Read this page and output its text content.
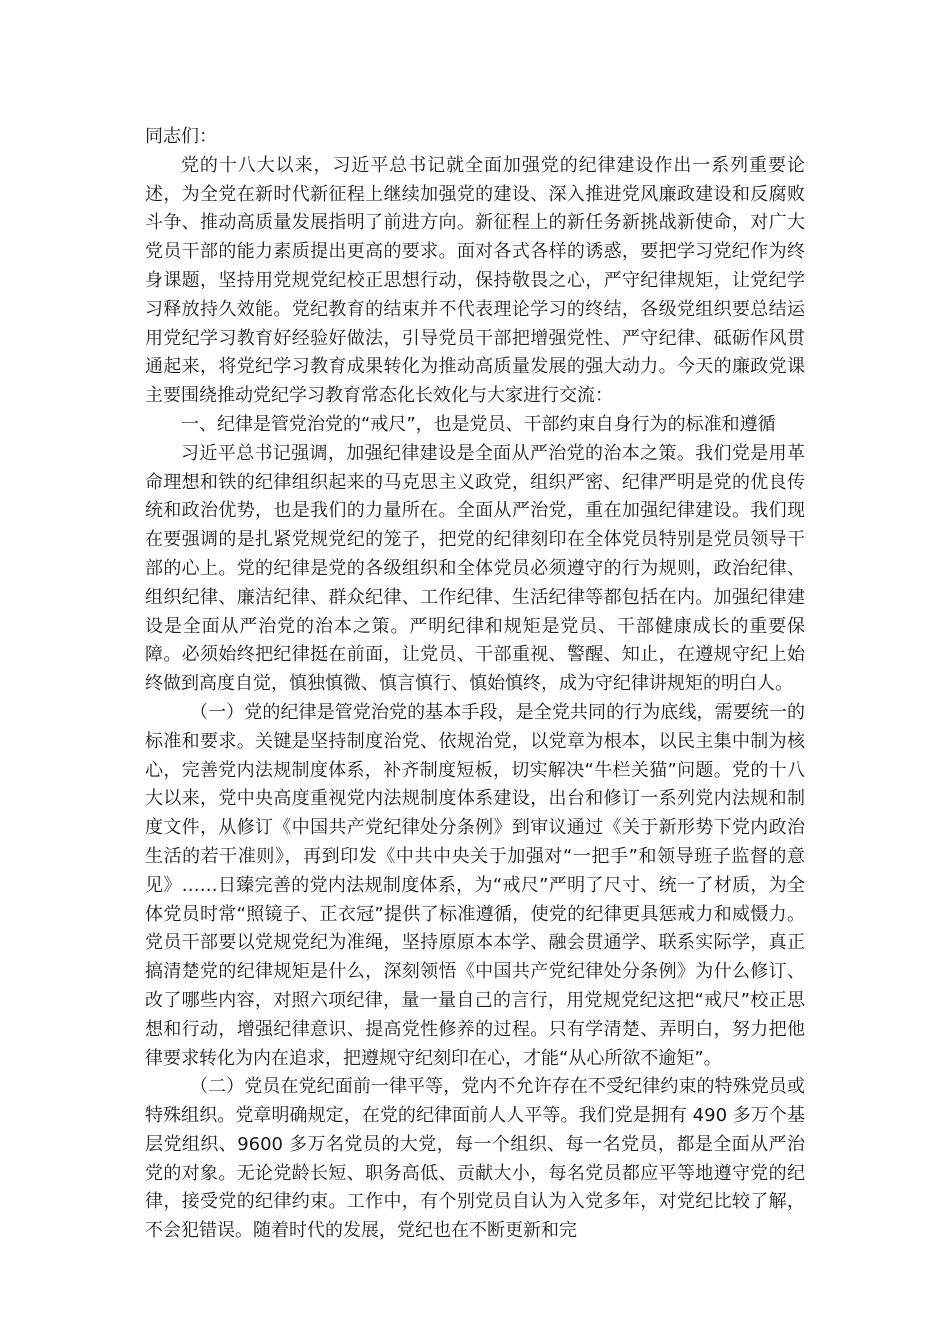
同志们：

党的十八大以来，习近平总书记就全面加强党的纪律建设作出一系列重要论述，为全党在新时代新征程上继续加强党的建设、深入推进党风廉政建设和反腐败斗争、推动高质量发展指明了前进方向。新征程上的新任务新挑战新使命，对广大党员干部的能力素质提出更高的要求。面对各式各样的诱惑，要把学习党纪作为终身课题，坚持用党规党纪校正思想行动，保持敬畏之心，严守纪律规矩，让党纪学习释放持久效能。党纪教育的结束并不代表理论学习的终结，各级党组织要总结运用党纪学习教育好经验好做法，引导党员干部把增强党性、严守纪律、砥砺作风贯通起来，将党纪学习教育成果转化为推动高质量发展的强大动力。今天的廉政党课主要围绕推动党纪学习教育常态化长效化与大家进行交流：

一、纪律是管党治党的“戒尺”，也是党员、干部约束自身行为的标准和遵循

习近平总书记强调，加强纪律建设是全面从严治党的治本之策。我们党是用革命理想和铁的纪律组织起来的马克思主义政党，组织严密、纪律严明是党的优良传统和政治优势，也是我们的力量所在。全面从严治党，重在加强纪律建设。我们现在要强调的是扎紧党规党纪的笼子，把党的纪律刻印在全体党员特别是党员领导干部的心上。党的纪律是党的各级组织和全体党员必须遵守的行为规则，政治纪律、组织纪律、廉洁纪律、群众纪律、工作纪律、生活纪律等都包括在内。加强纪律建设是全面从严治党的治本之策。严明纪律和规矩是党员、干部健康成长的重要保障。必须始终把纪律挺在前面，让党员、干部重视、警醒、知止，在遵规守纪上始终做到高度自觉，慎独慎微、慎言慎行、慎始慎终，成为守纪律讲规矩的明白人。

（一）党的纪律是管党治党的基本手段，是全党共同的行为底线，需要统一的标准和要求。关键是坚持制度治党、依规治党，以党章为根本，以民主集中制为核心，完善党内法规制度体系，补齐制度短板，切实解决“牛栏关猫”问题。党的十八大以来，党中央高度重视党内法规制度体系建设，出台和修订一系列党内法规和制度文件，从修订《中国共产党纪律处分条例》到审议通过《关于新形势下党内政治生活的若干准则》，再到印发《中共中央关于加强对“一把手”和领导班子监督的意见》……日臻完善的党内法规制度体系，为“戒尺”严明了尺寸、统一了材质，为全体党员时常“照镜子、正衣冠”提供了标准遵循，使党的纪律更具惩戒力和威慑力。党员干部要以党规党纪为准绳，坚持原原本本学、融会贯通学、联系实际学，真正搞清楚党的纪律规矩是什么，深刻领悟《中国共产党纪律处分条例》为什么修订、改了哪些内容，对照六项纪律，量一量自己的言行，用党规党纪这把“戒尺”校正思想和行动，增强纪律意识、提高党性修养的过程。只有学清楚、弄明白，努力把他律要求转化为内在追求，把遵规守纪刻印在心，才能“从心所欲不逾矩”。

（二）党员在党纪面前一律平等，党内不允许存在不受纪律约束的特殊党员或特殊组织。党章明确规定，在党的纪律面前人人平等。我们党是拥有 490 多万个基层党组织、9600 多万名党员的大党，每一个组织、每一名党员，都是全面从严治党的对象。无论党龄长短、职务高低、贡献大小，每名党员都应平等地遵守党的纪律，接受党的纪律约束。工作中，有个别党员自认为入党多年，对党纪比较了解，不会犯错误。随着时代的发展，党纪也在不断更新和完
